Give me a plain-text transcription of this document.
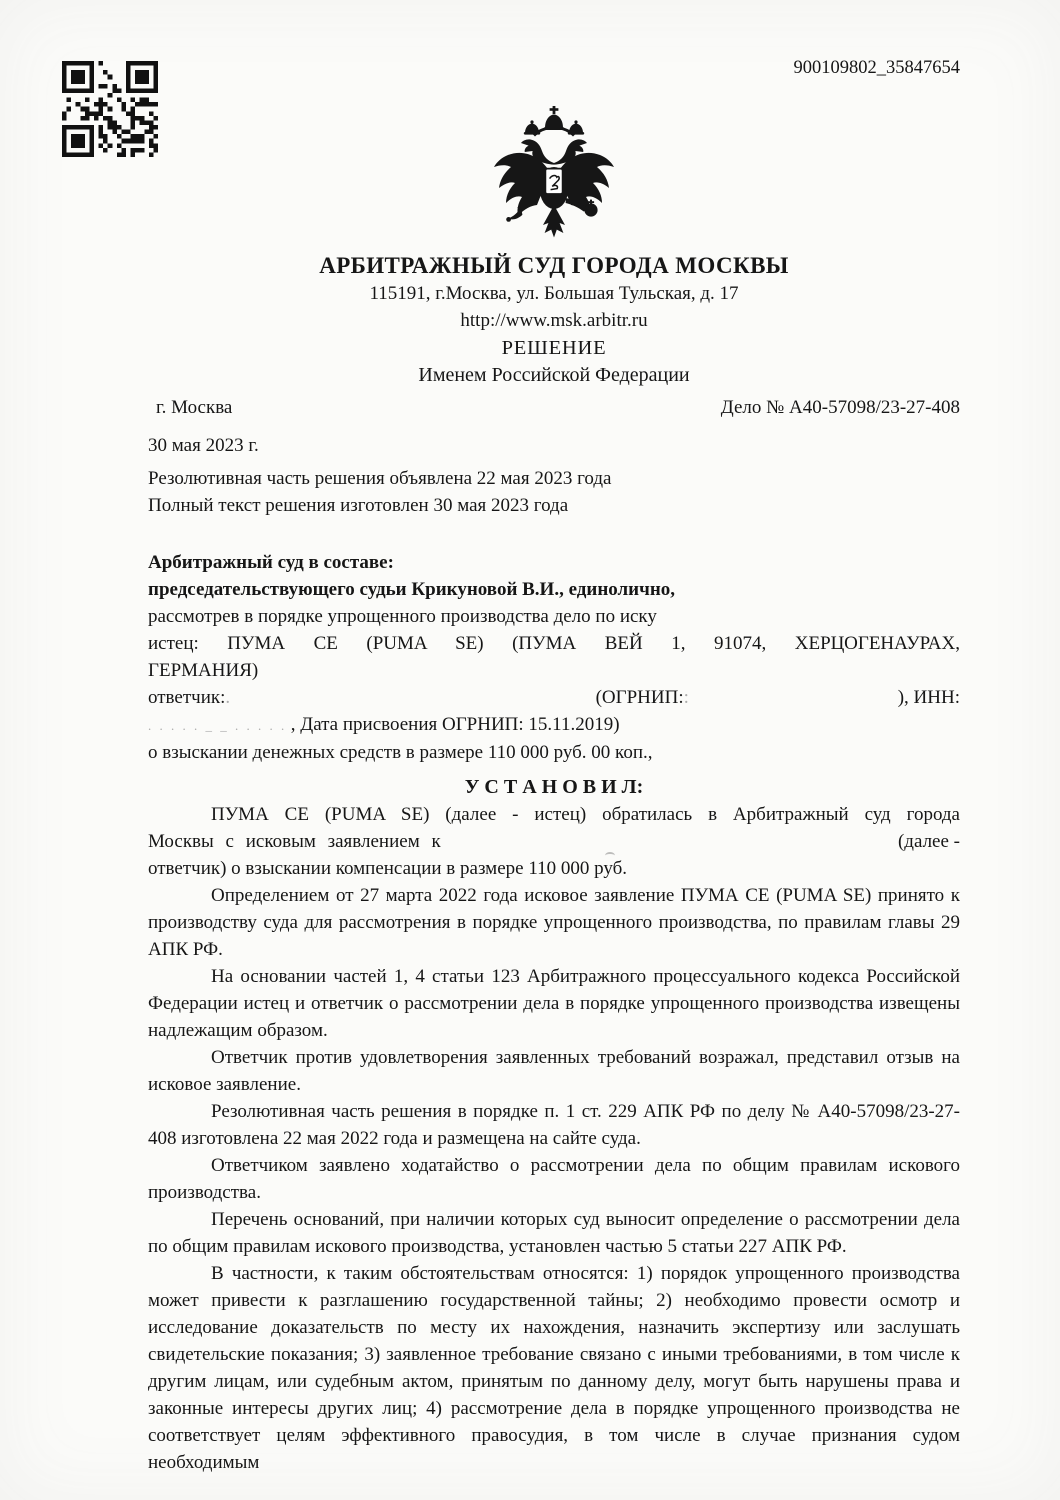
900109802_35847654
АРБИТРАЖНЫЙ СУД ГОРОДА МОСКВЫ
115191, г.Москва, ул. Большая Тульская, д. 17
http://www.msk.arbitr.ru
РЕШЕНИЕ
Именем Российской Федерации
г. Москва	Дело № А40-57098/23-27-408
30 мая 2023 г.
Резолютивная часть решения объявлена 22 мая 2023 года
Полный текст решения изготовлен 30 мая 2023 года
Арбитражный суд в составе:
председательствующего судьи Крикуновой В.И., единолично,
рассмотрев в порядке упрощенного производства дело по иску
истец: ПУМА СЕ (PUMA SE) (ПУМА ВЕЙ 1, 91074, ХЕРЦОГЕНАУРАХ,
ГЕРМАНИЯ)
ответчик: .	(ОГРНИП: :	), ИНН:
. . . . . _ _ . . . . . , Дата присвоения ОГРНИП: 15.11.2019)
о взыскании денежных средств в размере 110 000 руб. 00 коп.,
У С Т А Н О В И Л:
ПУМА СЕ (PUMA SE) (далее - истец) обратилась в Арбитражный суд города
Москвы с исковым заявлением к	(далее -
ответчик) о взыскании компенсации в размере 110 000 руб.

Определением от 27 марта 2022 года исковое заявление ПУМА СЕ (PUMA SE) принято к производству суда для рассмотрения в порядке упрощенного производства, по правилам главы 29 АПК РФ.

На основании частей 1, 4 статьи 123 Арбитражного процессуального кодекса Российской Федерации истец и ответчик о рассмотрении дела в порядке упрощенного производства извещены надлежащим образом.

Ответчик против удовлетворения заявленных требований возражал, представил отзыв на исковое заявление.

Резолютивная часть решения в порядке п. 1 ст. 229 АПК РФ по делу № А40-57098/23-27-408 изготовлена 22 мая 2022 года и размещена на сайте суда.

Ответчиком заявлено ходатайство о рассмотрении дела по общим правилам искового производства.

Перечень оснований, при наличии которых суд выносит определение о рассмотрении дела по общим правилам искового производства, установлен частью 5 статьи 227 АПК РФ.

В частности, к таким обстоятельствам относятся: 1) порядок упрощенного производства может привести к разглашению государственной тайны; 2) необходимо провести осмотр и исследование доказательств по месту их нахождения, назначить экспертизу или заслушать свидетельские показания; 3) заявленное требование связано с иными требованиями, в том числе к другим лицам, или судебным актом, принятым по данному делу, могут быть нарушены права и законные интересы других лиц; 4) рассмотрение дела в порядке упрощенного производства не соответствует целям эффективного правосудия, в том числе в случае признания судом необходимым
